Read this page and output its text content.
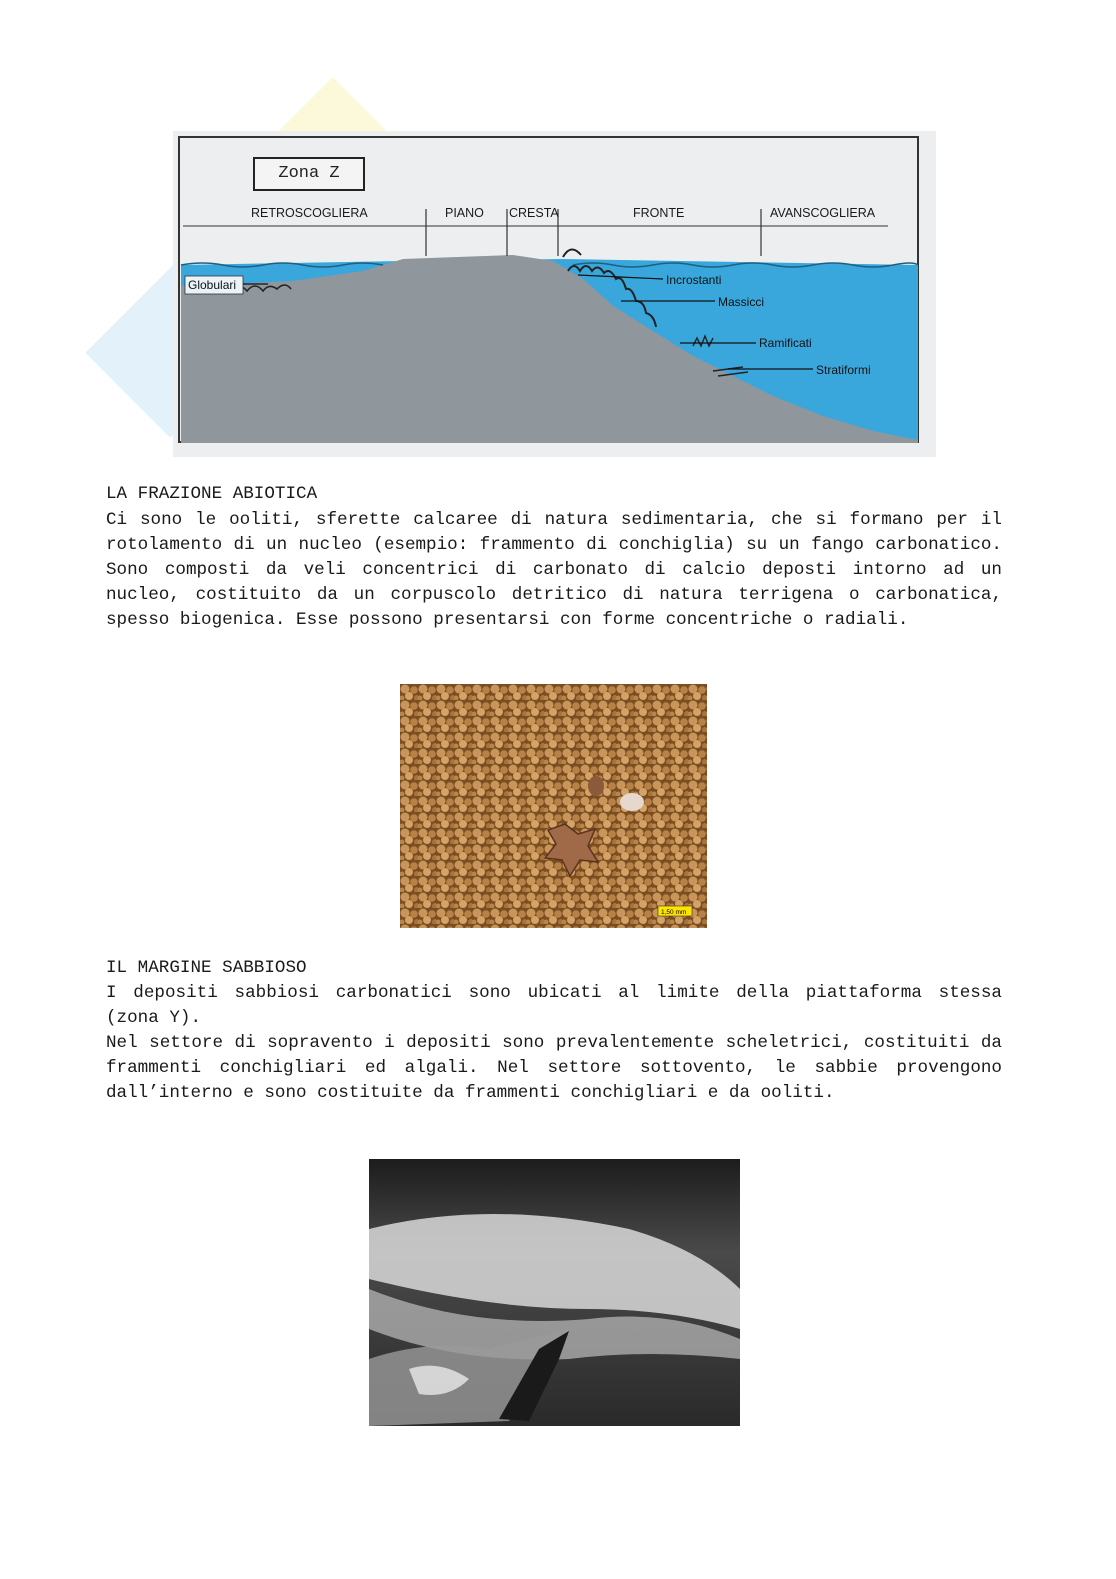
RETROSCOGLIERA	PIANO CRESTA	FRONTE	AVANSCOGLIERA
Globulari	Incrostanti
Massicci
Ramificati
Stratiformi
Zona Z
LA FRAZIONE ABIOTICA
Ci sono le ooliti, sferette calcaree di natura sedimentaria, che si formano per il rotolamento di un nucleo (esempio: frammento di conchiglia) su un fango carbonatico. Sono composti da veli concentrici di carbonato di calcio deposti intorno ad un nucleo, costituito da un corpuscolo detritico di natura terrigena o carbonatica, spesso biogenica. Esse possono presentarsi con forme concentriche o radiali.
1,50 mm
IL MARGINE SABBIOSO
I depositi sabbiosi carbonatici sono ubicati al limite della piattaforma stessa (zona Y).
Nel settore di sopravento i depositi sono prevalentemente scheletrici, costituiti da frammenti conchigliari ed algali. Nel settore sottovento, le sabbie provengono dall’interno e sono costituite da frammenti conchigliari e da ooliti.
